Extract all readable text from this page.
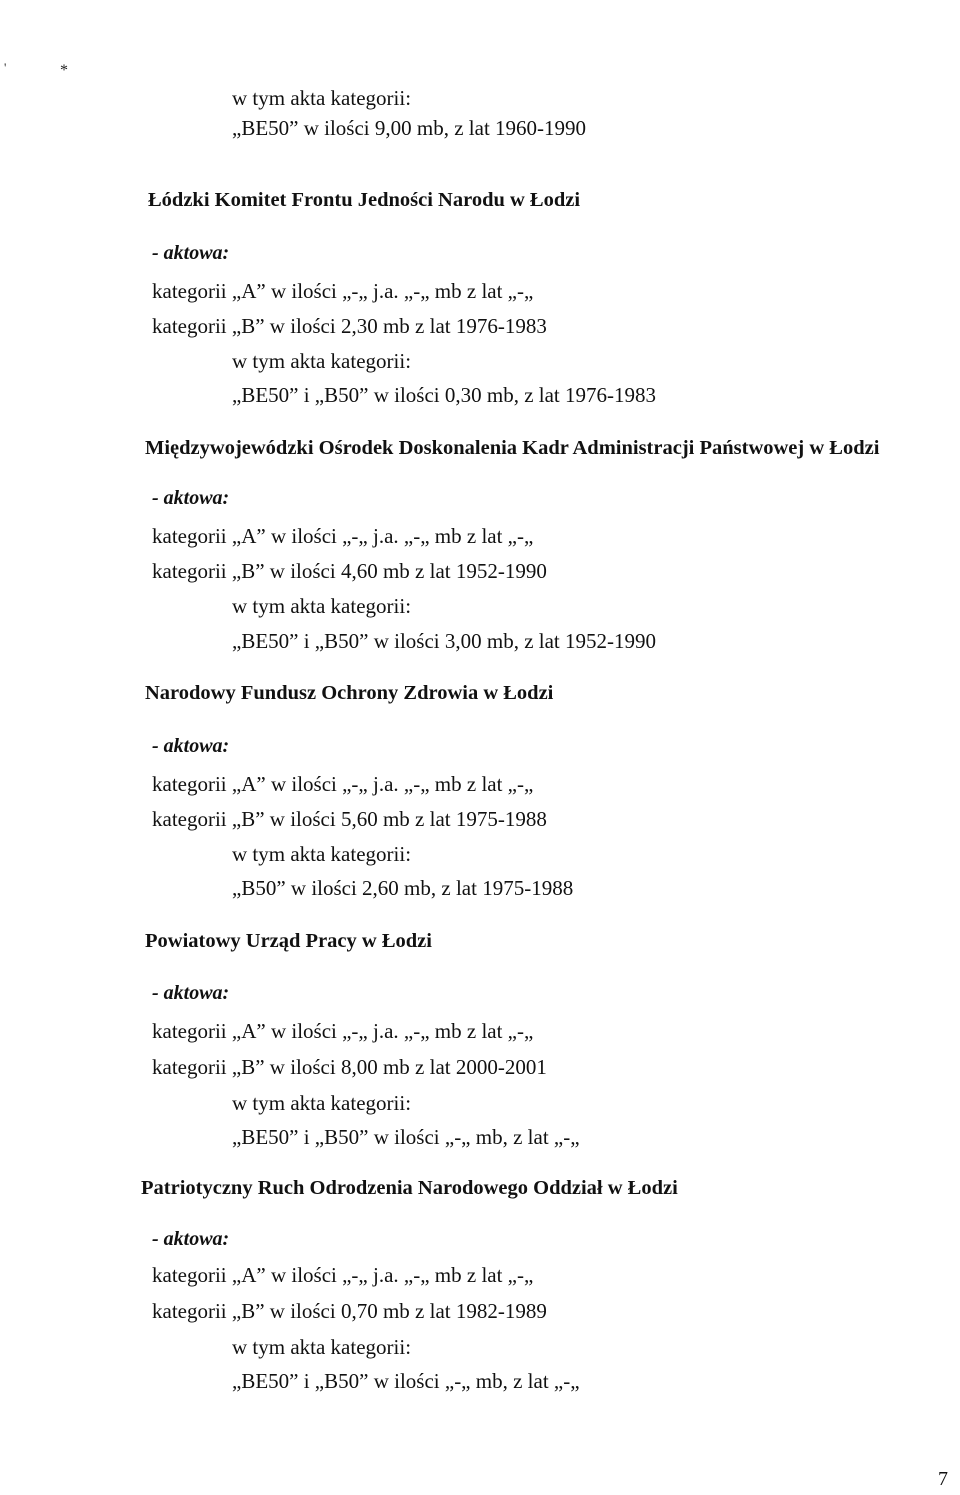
'	*
w tym akta kategorii:
„BE50” w ilości 9,00 mb, z lat 1960-1990
Łódzki Komitet Frontu Jedności Narodu w Łodzi
- aktowa:
kategorii „A” w ilości „-„ j.a. „-„ mb z lat „-„
kategorii „B” w ilości 2,30 mb z lat 1976-1983
w tym akta kategorii:
„BE50” i „B50” w ilości 0,30 mb, z lat 1976-1983
Międzywojewódzki Ośrodek Doskonalenia Kadr Administracji Państwowej w Łodzi
- aktowa:
kategorii „A” w ilości „-„ j.a. „-„ mb z lat „-„
kategorii „B” w ilości 4,60 mb z lat 1952-1990
w tym akta kategorii:
„BE50” i „B50” w ilości 3,00 mb, z lat 1952-1990
Narodowy Fundusz Ochrony Zdrowia w Łodzi
- aktowa:
kategorii „A” w ilości „-„ j.a. „-„ mb z lat „-„
kategorii „B” w ilości 5,60 mb z lat 1975-1988
w tym akta kategorii:
„B50” w ilości 2,60 mb, z lat 1975-1988
Powiatowy Urząd Pracy w Łodzi
- aktowa:
kategorii „A” w ilości „-„ j.a. „-„ mb z lat „-„
kategorii „B” w ilości 8,00 mb z lat 2000-2001
w tym akta kategorii:
„BE50” i „B50” w ilości „-„ mb, z lat „-„
Patriotyczny Ruch Odrodzenia Narodowego Oddział w Łodzi
- aktowa:
kategorii „A” w ilości „-„ j.a. „-„ mb z lat „-„
kategorii „B” w ilości 0,70 mb z lat 1982-1989
w tym akta kategorii:
„BE50” i „B50” w ilości „-„ mb, z lat „-„
7
